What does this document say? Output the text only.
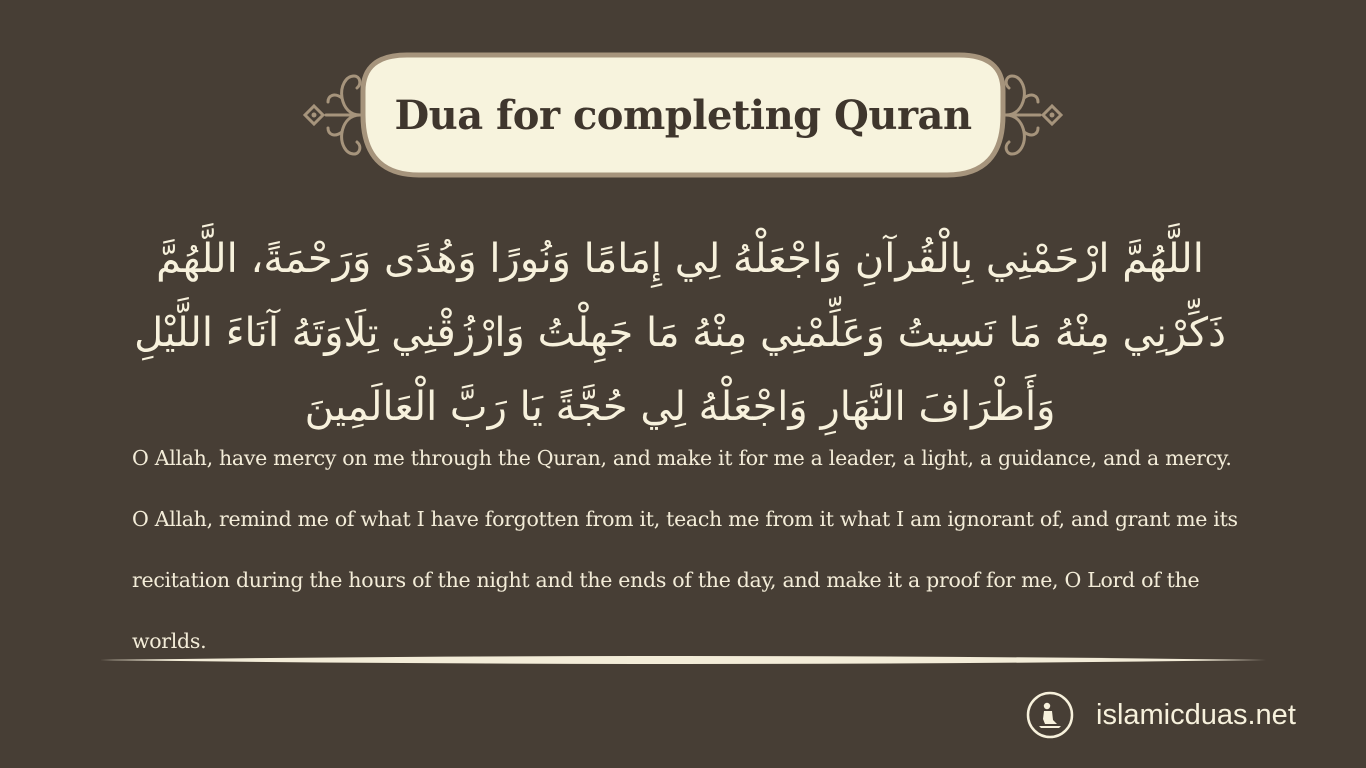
Dua for completing Quran

اللَّهُمَّ ارْحَمْنِي بِالْقُرآنِ وَاجْعَلْهُ لِي إِمَامًا وَنُورًا وَهُدًى وَرَحْمَةً، اللَّهُمَّ ذَكِّرْنِي مِنْهُ مَا نَسِيتُ وَعَلِّمْنِي مِنْهُ مَا جَهِلْتُ وَارْزُقْنِي تِلَاوَتَهُ آنَاءَ اللَّيْلِ وَأَطْرَافَ النَّهَارِ وَاجْعَلْهُ لِي حُجَّةً يَا رَبَّ الْعَالَمِينَ

O Allah, have mercy on me through the Quran, and make it for me a leader, a light, a guidance, and a mercy. O Allah, remind me of what I have forgotten from it, teach me from it what I am ignorant of, and grant me its recitation during the hours of the night and the ends of the day, and make it a proof for me, O Lord of the worlds.

islamicduas.net
